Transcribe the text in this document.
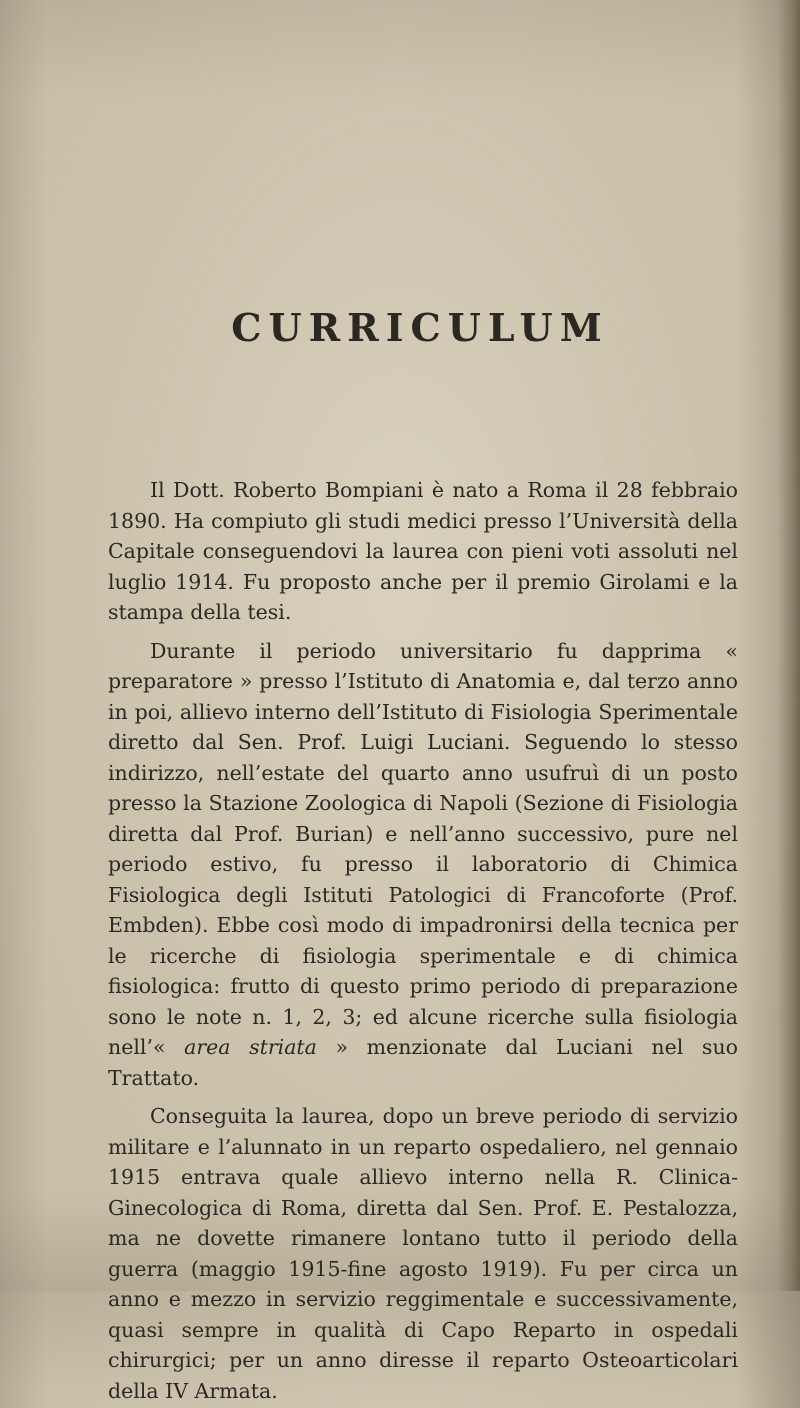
CURRICULUM

Il Dott. Roberto Bompiani è nato a Roma il 28 febbraio 1890. Ha compiuto gli studi medici presso l’Università della Capitale conseguendovi la laurea con pieni voti assoluti nel luglio 1914. Fu proposto anche per il premio Girolami e la stampa della tesi.

Durante il periodo universitario fu dapprima « preparatore » presso l’Istituto di Anatomia e, dal terzo anno in poi, allievo interno dell’Istituto di Fisiologia Sperimentale diretto dal Sen. Prof. Luigi Luciani. Seguendo lo stesso indirizzo, nell’estate del quarto anno usufruì di un posto presso la Stazione Zoologica di Napoli (Sezione di Fisiologia diretta dal Prof. Burian) e nell’anno successivo, pure nel periodo estivo, fu presso il laboratorio di Chimica Fisiologica degli Istituti Patologici di Francoforte (Prof. Embden). Ebbe così modo di impadronirsi della tecnica per le ricerche di fisiologia sperimentale e di chimica fisiologica: frutto di questo primo periodo di preparazione sono le note n. 1, 2, 3; ed alcune ricerche sulla fisiologia nell’« area striata » menzionate dal Luciani nel suo Trattato.

Conseguita la laurea, dopo un breve periodo di servizio militare e l’alunnato in un reparto ospedaliero, nel gennaio 1915 entrava quale allievo interno nella R. Clinica-Ginecologica di Roma, diretta dal Sen. Prof. E. Pestalozza, ma ne dovette rimanere lontano tutto il periodo della guerra (maggio 1915-fine agosto 1919). Fu per circa un anno e mezzo in servizio reggimentale e successivamente, quasi sempre in qualità di Capo Reparto in ospedali chirurgici; per un anno diresse il reparto Osteoarticolari della IV Armata.
